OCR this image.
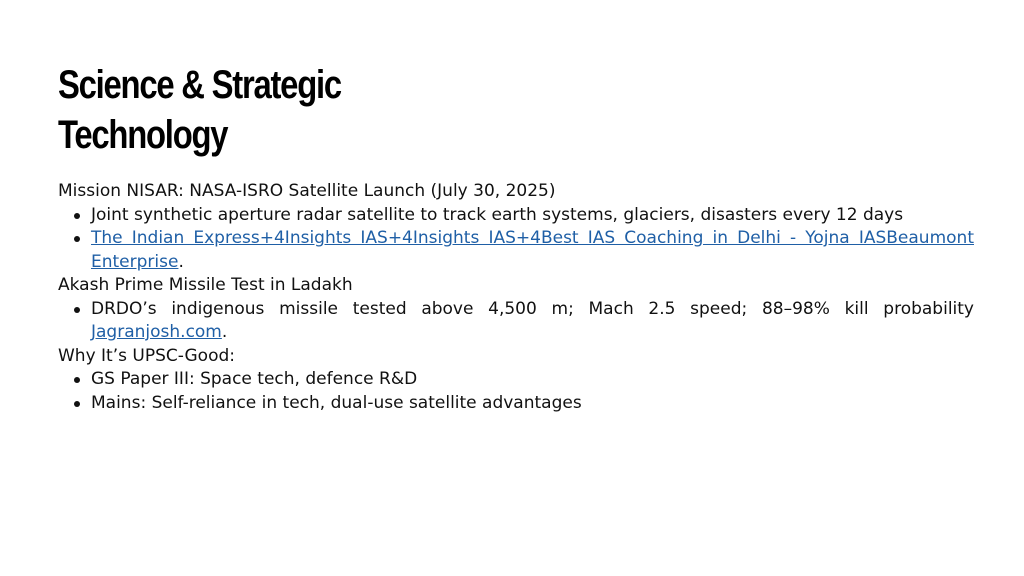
Science & Strategic
Technology

Mission NISAR: NASA-ISRO Satellite Launch (July 30, 2025)

Joint synthetic aperture radar satellite to track earth systems, glaciers, disasters every 12 days
The Indian Express+4Insights IAS+4Insights IAS+4Best IAS Coaching in Delhi - Yojna IASBeaumont Enterprise.

Akash Prime Missile Test in Ladakh

DRDO’s indigenous missile tested above 4,500 m; Mach 2.5 speed; 88–98% kill probability Jagranjosh.com.

Why It’s UPSC-Good:

GS Paper III: Space tech, defence R&D
Mains: Self-reliance in tech, dual-use satellite advantages
